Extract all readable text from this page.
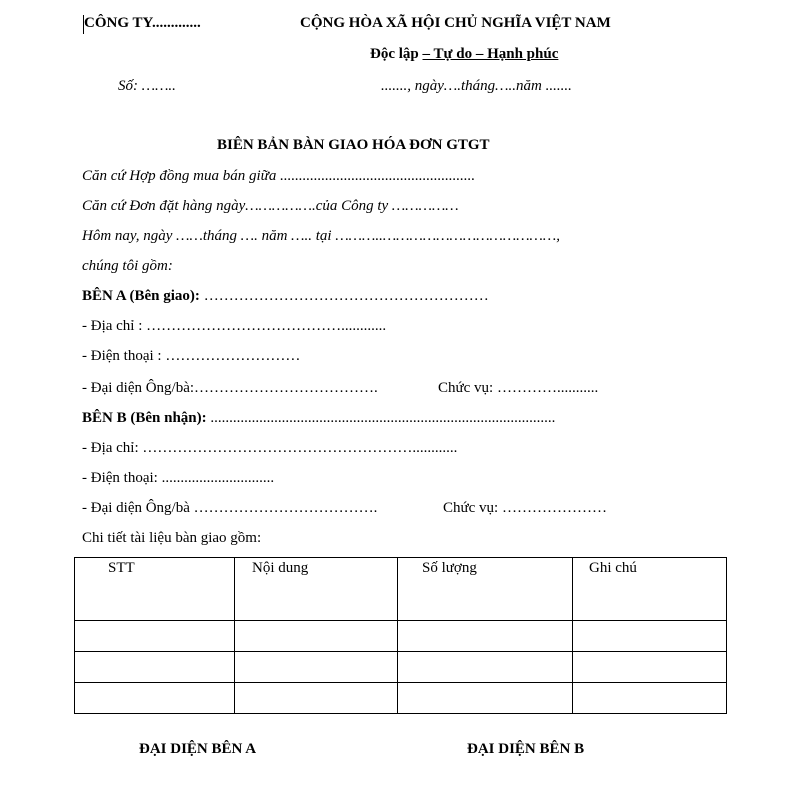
CÔNG TY.............	CỘNG HÒA XÃ HỘI CHỦ NGHĨA VIỆT NAM
Độc lập – Tự do – Hạnh phúc
Số: ……..	......., ngày….tháng…..năm .......
BIÊN BẢN BÀN GIAO HÓA ĐƠN GTGT
Căn cứ Hợp đồng mua bán giữa ....................................................
Căn cứ Đơn đặt hàng ngày…………….của Công ty ……………
Hôm nay, ngày ……tháng …. năm ….. tại ………..…………………………………,
chúng tôi gồm:
BÊN A (Bên giao): …………………………………………………
- Địa chỉ : …………………………………............
- Điện thoại : ………………………
- Đại diện Ông/bà:……………………………….	Chức vụ: …………...........
BÊN B (Bên nhận): ............................................................................................
- Địa chỉ: ………………………………………………............
- Điện thoại: ..............................
- Đại diện Ông/bà ……………………………….	Chức vụ: …………………
Chi tiết tài liệu bàn giao gồm:
STT	Nội dung	Số lượng	Ghi chú

ĐẠI DIỆN BÊN A	ĐẠI DIỆN BÊN B
